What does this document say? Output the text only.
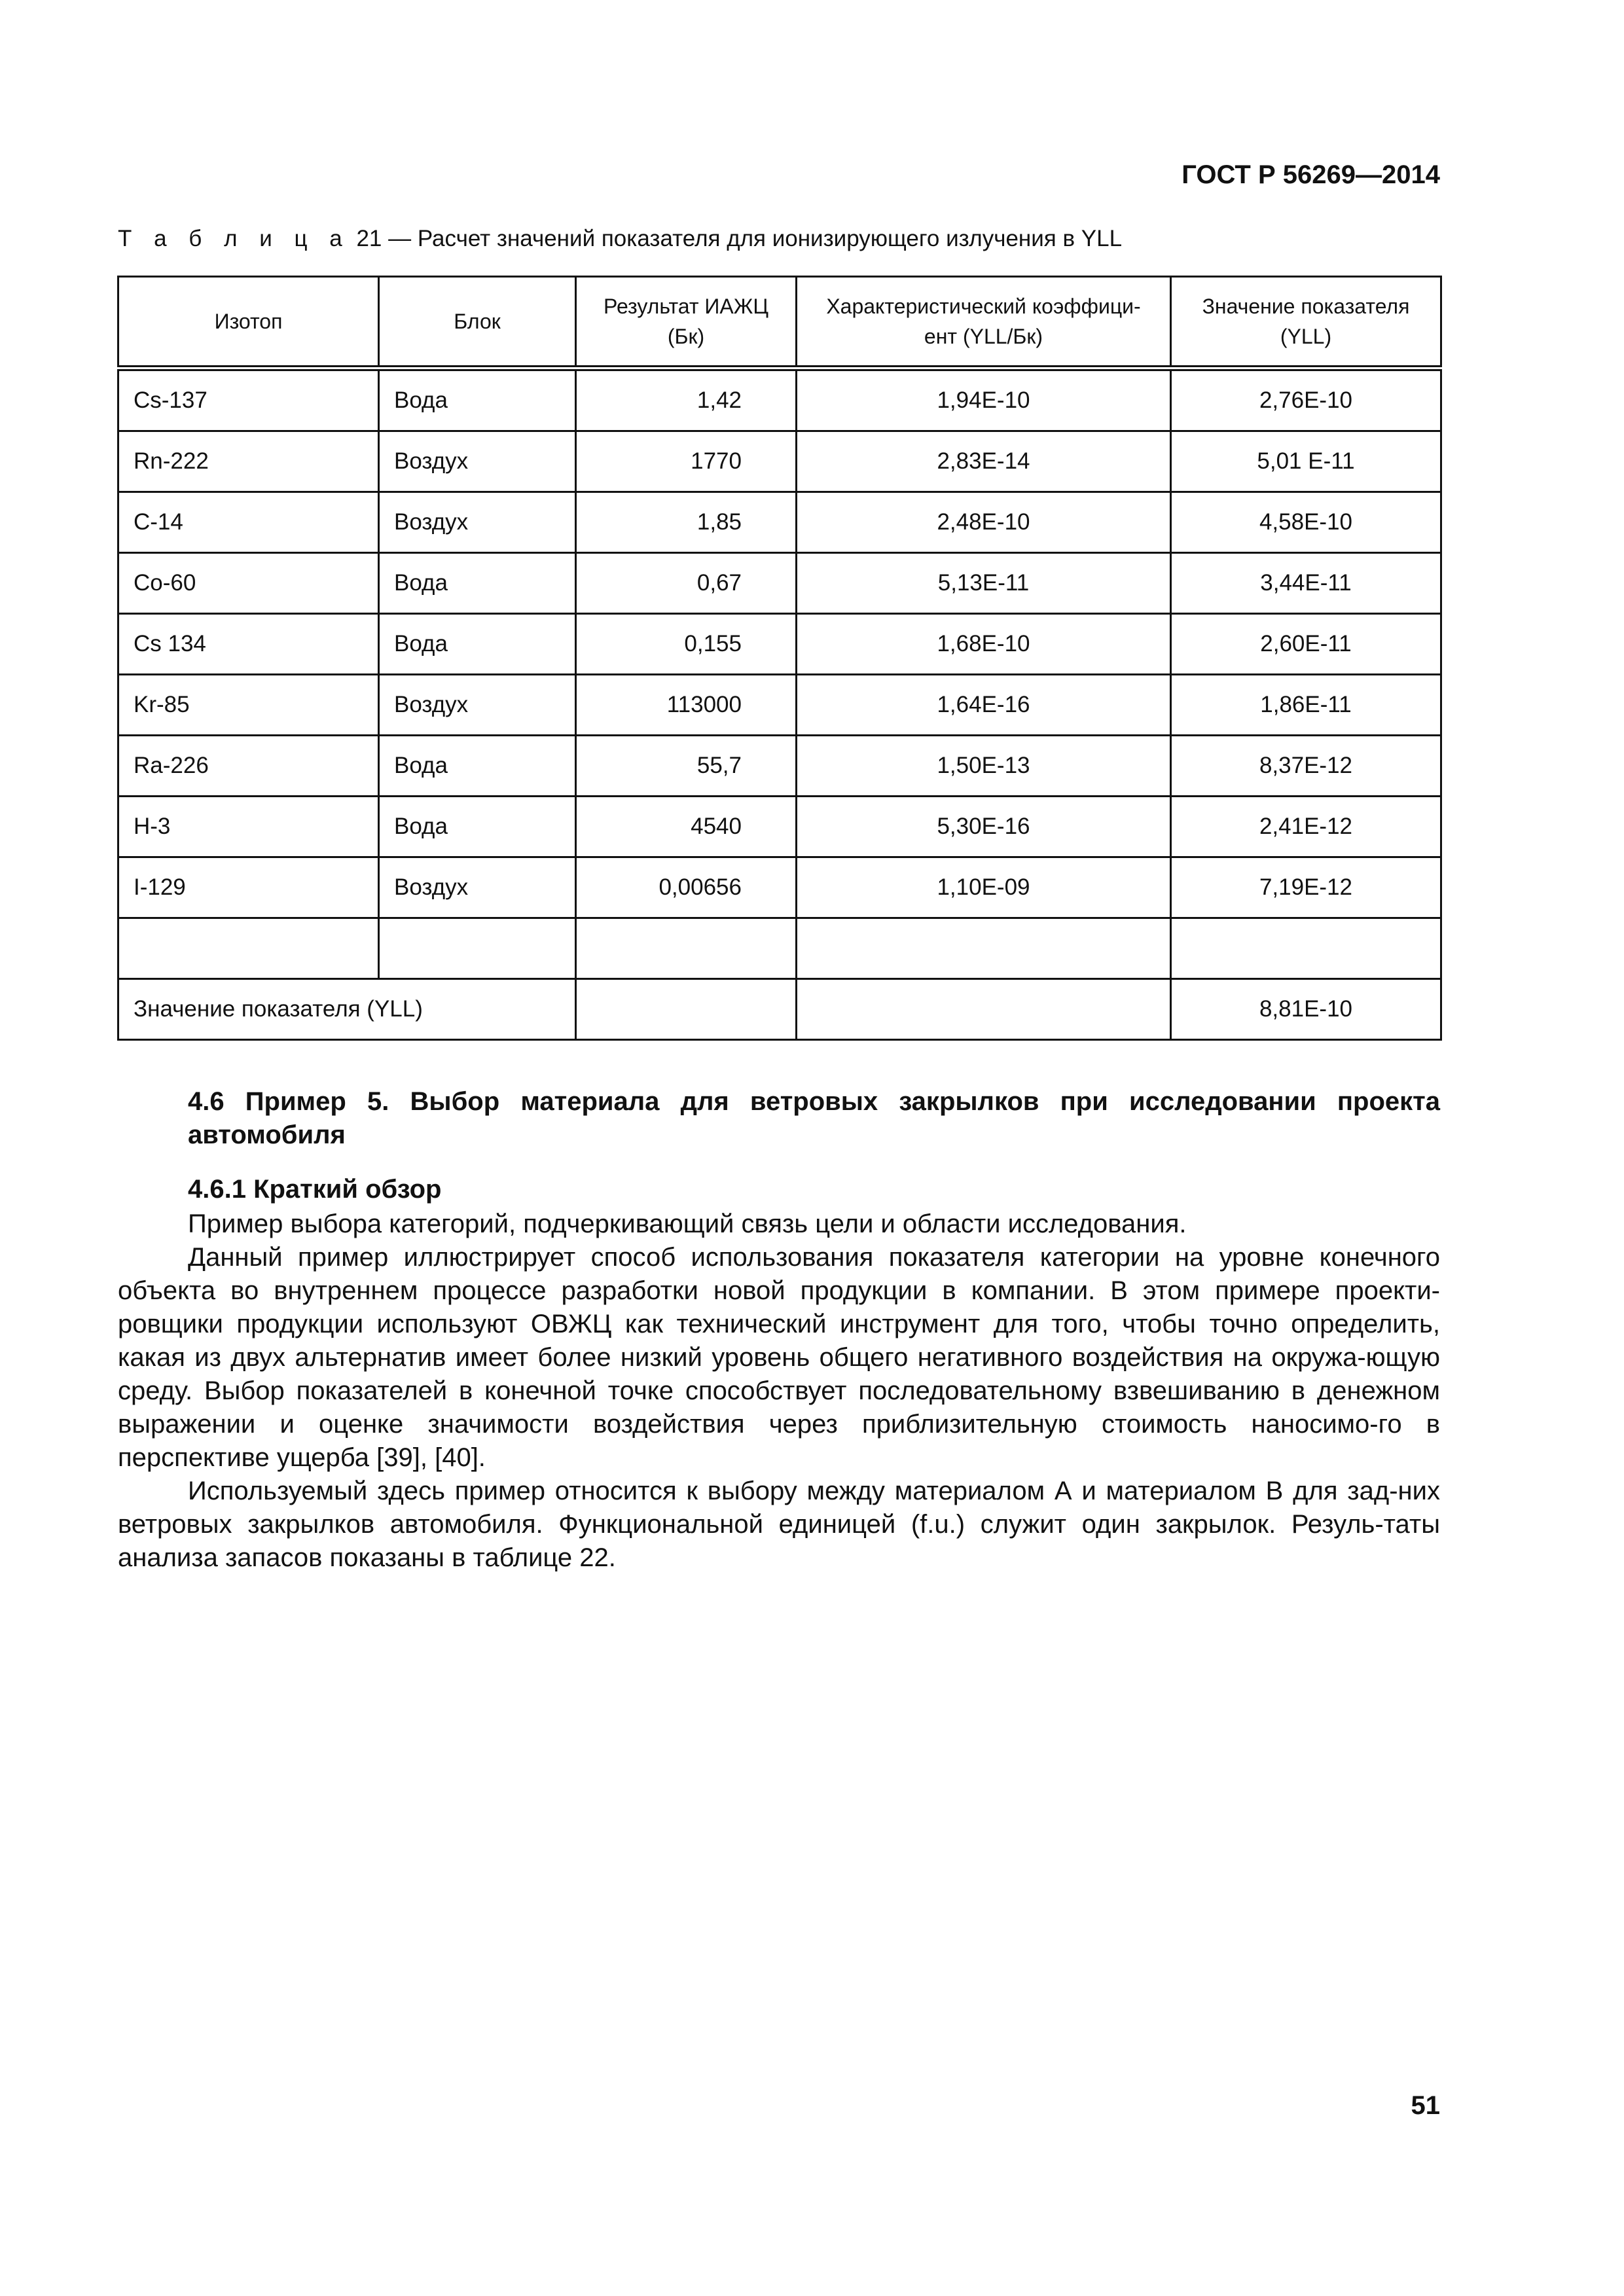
ГОСТ Р 56269—2014
Т а б л и ц а 21 — Расчет значений показателя для ионизирующего излучения в YLL
Изотоп	Блок	Результат ИАЖЦ (Бк)	Характеристический коэффици-ент (YLL/Бк)	Значение показателя (YLL)
Cs-137	Вода	1,42	1,94E-10	2,76E-10
Rn-222	Воздух	1770	2,83E-14	5,01 E-11
C-14	Воздух	1,85	2,48E-10	4,58E-10
Co-60	Вода	0,67	5,13E-11	3,44E-11
Cs 134	Вода	0,155	1,68E-10	2,60E-11
Kr-85	Воздух	113000	1,64E-16	1,86E-11
Ra-226	Вода	55,7	1,50E-13	8,37E-12
H-3	Вода	4540	5,30E-16	2,41E-12
I-129	Воздух	0,00656	1,10E-09	7,19E-12

Значение показателя (YLL)				8,81E-10
4.6 Пример 5. Выбор материала для ветровых закрылков при исследовании проекта автомобиля
4.6.1 Краткий обзор

Пример выбора категорий, подчеркивающий связь цели и области исследования.

Данный пример иллюстрирует способ использования показателя категории на уровне конечного объекта во внутреннем процессе разработки новой продукции в компании. В этом примере проекти-ровщики продукции используют ОВЖЦ как технический инструмент для того, чтобы точно определить, какая из двух альтернатив имеет более низкий уровень общего негативного воздействия на окружа-ющую среду. Выбор показателей в конечной точке способствует последовательному взвешиванию в денежном выражении и оценке значимости воздействия через приблизительную стоимость наносимо-го в перспективе ущерба [39], [40].

Используемый здесь пример относится к выбору между материалом А и материалом В для зад-них ветровых закрылков автомобиля. Функциональной единицей (f.u.) служит один закрылок. Резуль-таты анализа запасов показаны в таблице 22.

51
